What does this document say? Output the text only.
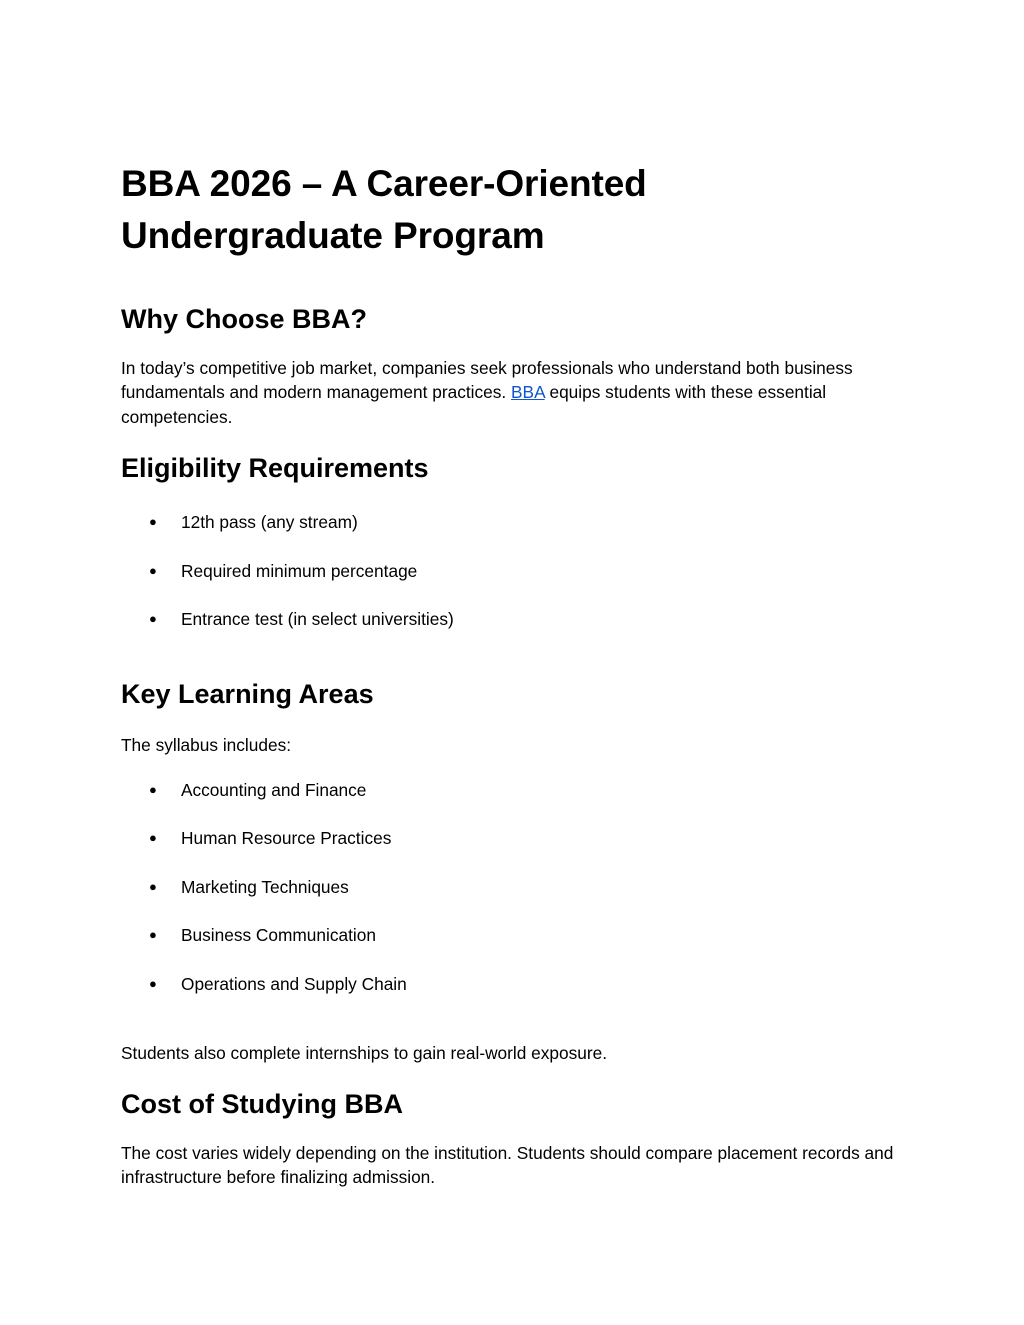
BBA 2026 – A Career-Oriented
Undergraduate Program
Why Choose BBA?

In today’s competitive job market, companies seek professionals who understand both business fundamentals and modern management practices. BBA equips students with these essential competencies.

Eligibility Requirements
● 12th pass (any stream)
● Required minimum percentage
● Entrance test (in select universities)
Key Learning Areas

The syllabus includes:

● Accounting and Finance
● Human Resource Practices
● Marketing Techniques
● Business Communication
● Operations and Supply Chain

Students also complete internships to gain real-world exposure.

Cost of Studying BBA

The cost varies widely depending on the institution. Students should compare placement records and infrastructure before finalizing admission.
